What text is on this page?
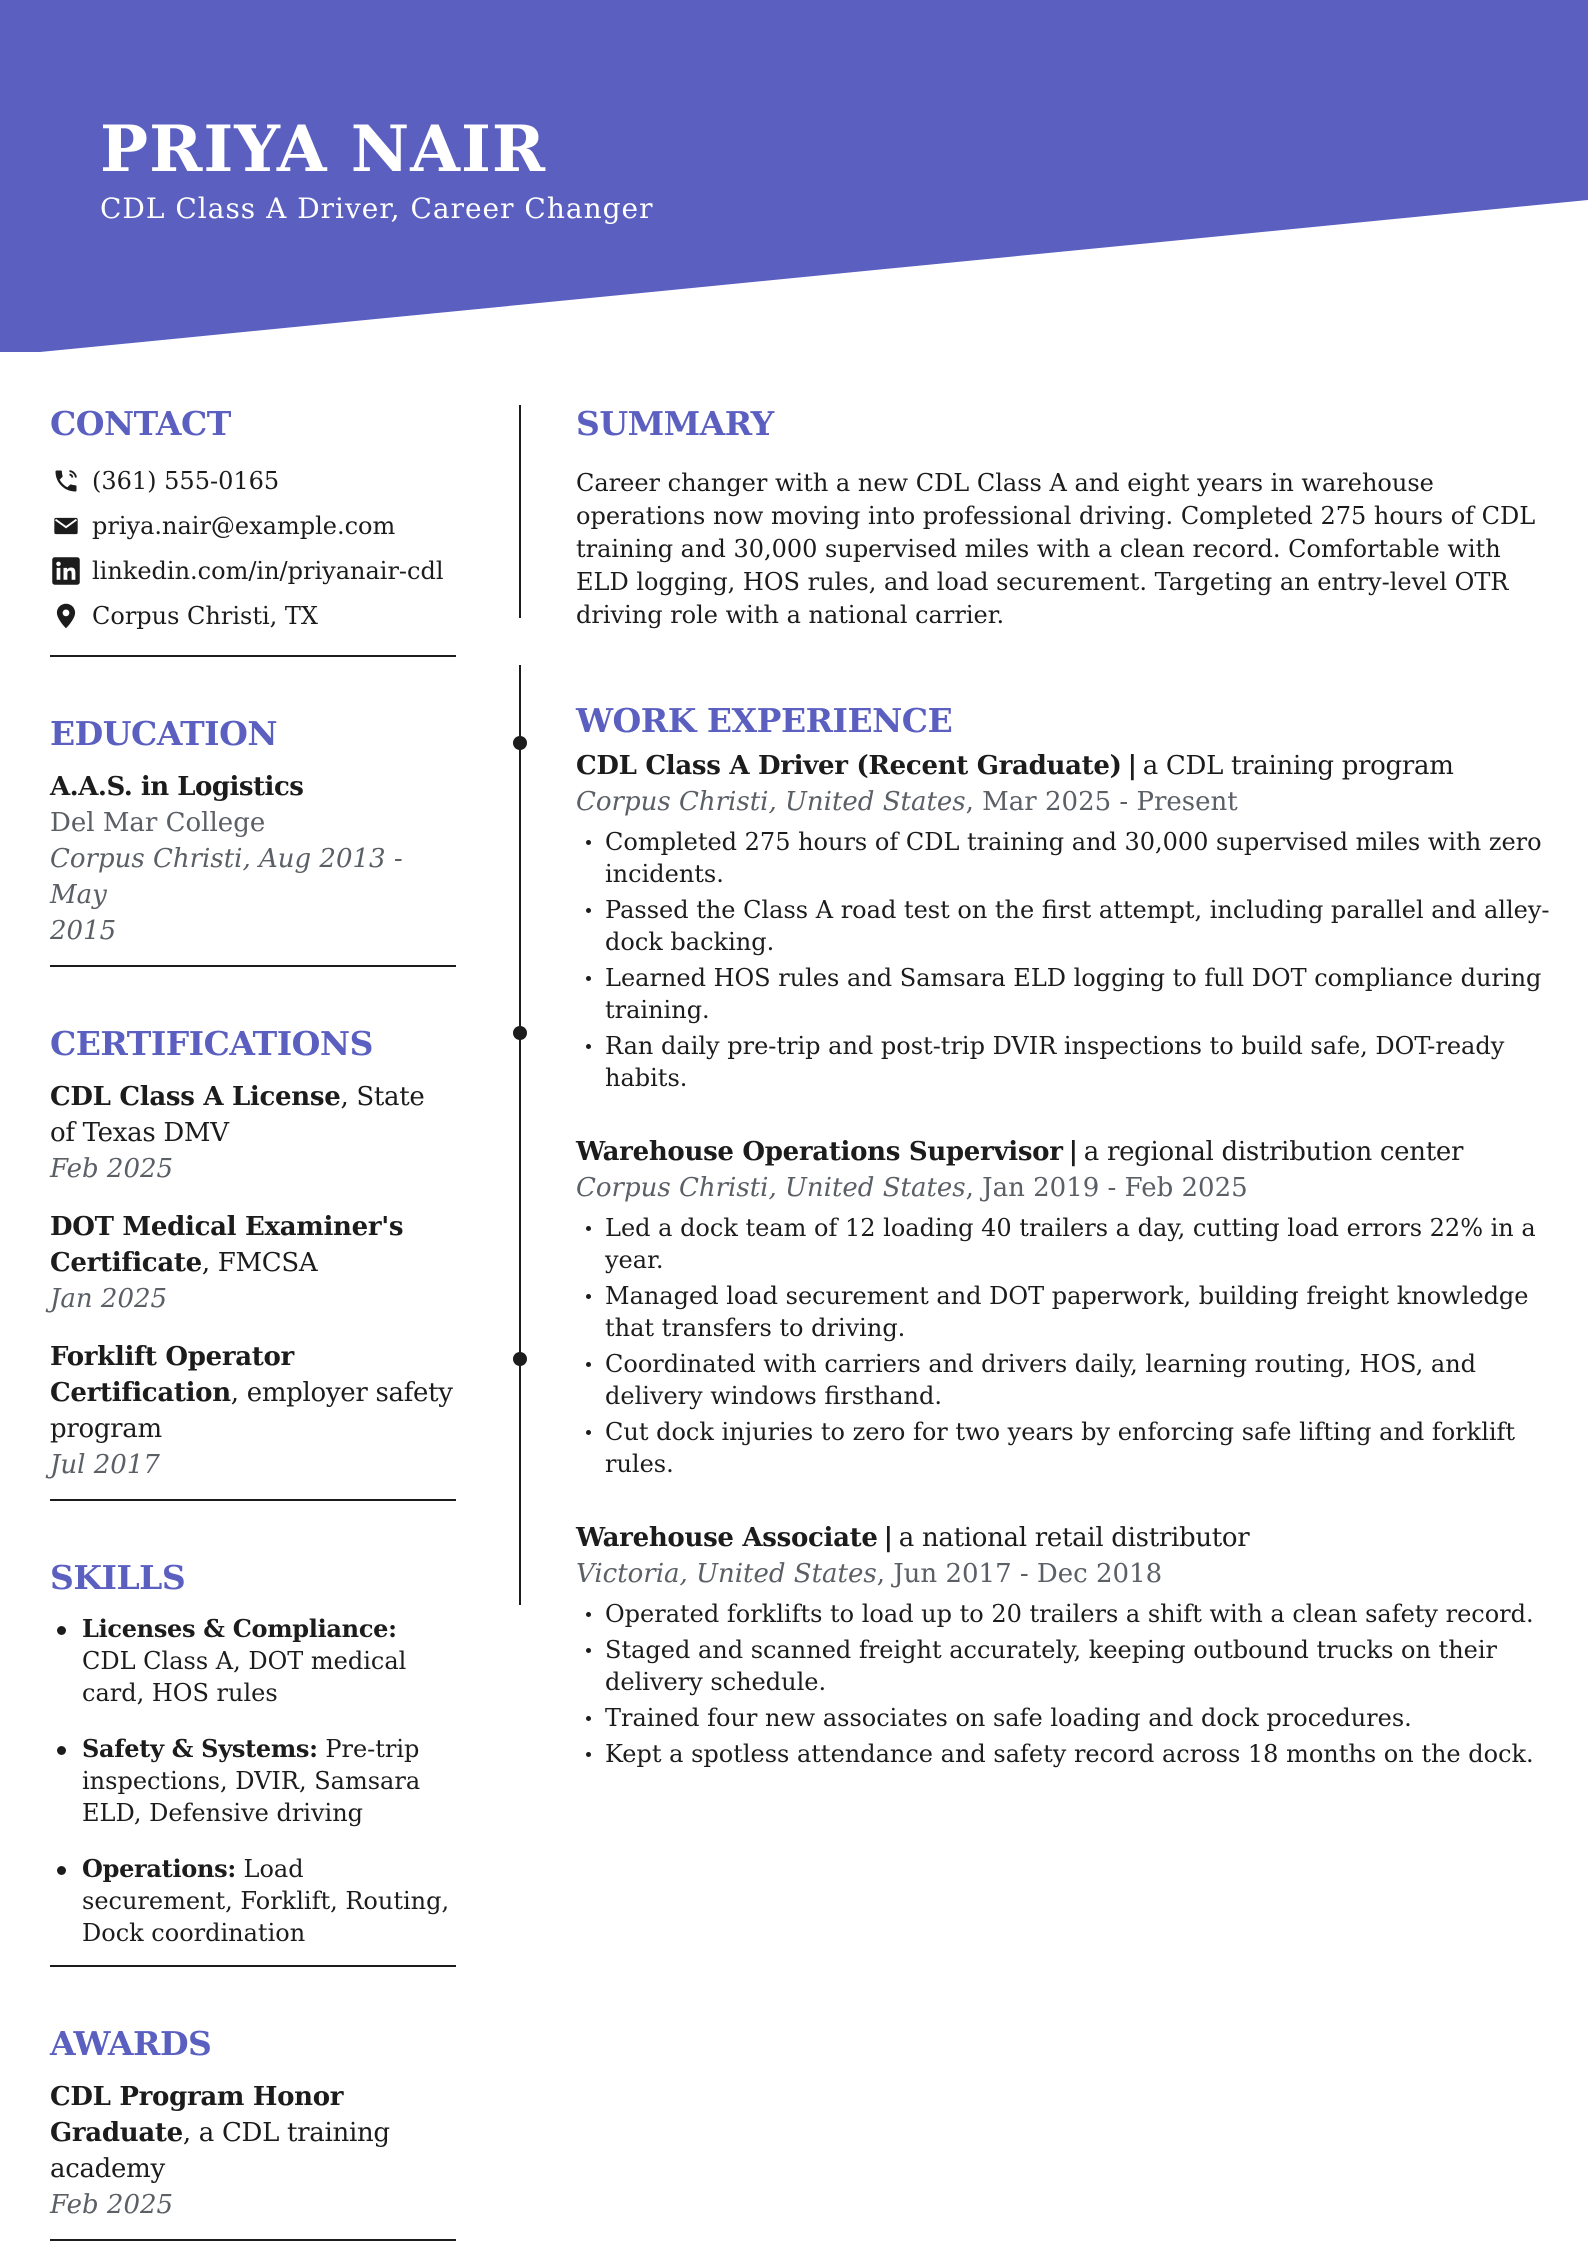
PRIYA NAIR
CDL Class A Driver, Career Changer
CONTACT
(361) 555-0165
priya.nair@example.com
linkedin.com/in/priyanair-cdl
Corpus Christi, TX
EDUCATION
A.A.S. in Logistics
Del Mar College
Corpus Christi, Aug 2013 - May
2015
CERTIFICATIONS
CDL Class A License, State of Texas DMV
Feb 2025
DOT Medical Examiner's Certificate, FMCSA
Jan 2025
Forklift Operator Certification, employer safety program
Jul 2017
SKILLS
Licenses & Compliance: CDL Class A, DOT medical card, HOS rules
Safety & Systems: Pre-trip inspections, DVIR, Samsara ELD, Defensive driving
Operations: Load securement, Forklift, Routing, Dock coordination
AWARDS
CDL Program Honor Graduate, a CDL training academy
Feb 2025
SUMMARY

Career changer with a new CDL Class A and eight years in warehouse operations now moving into professional driving. Completed 275 hours of CDL training and 30,000 supervised miles with a clean record. Comfortable with ELD logging, HOS rules, and load securement. Targeting an entry-level OTR driving role with a national carrier.

WORK EXPERIENCE
CDL Class A Driver (Recent Graduate) | a CDL training program
Corpus Christi, United States, Mar 2025 - Present
Completed 275 hours of CDL training and 30,000 supervised miles with zero incidents.
Passed the Class A road test on the first attempt, including parallel and alley-dock backing.
Learned HOS rules and Samsara ELD logging to full DOT compliance during training.
Ran daily pre-trip and post-trip DVIR inspections to build safe, DOT-ready habits.
Warehouse Operations Supervisor | a regional distribution center
Corpus Christi, United States, Jan 2019 - Feb 2025
Led a dock team of 12 loading 40 trailers a day, cutting load errors 22% in a year.
Managed load securement and DOT paperwork, building freight knowledge that transfers to driving.
Coordinated with carriers and drivers daily, learning routing, HOS, and delivery windows firsthand.
Cut dock injuries to zero for two years by enforcing safe lifting and forklift rules.
Warehouse Associate | a national retail distributor
Victoria, United States, Jun 2017 - Dec 2018
Operated forklifts to load up to 20 trailers a shift with a clean safety record.
Staged and scanned freight accurately, keeping outbound trucks on their delivery schedule.
Trained four new associates on safe loading and dock procedures.
Kept a spotless attendance and safety record across 18 months on the dock.
